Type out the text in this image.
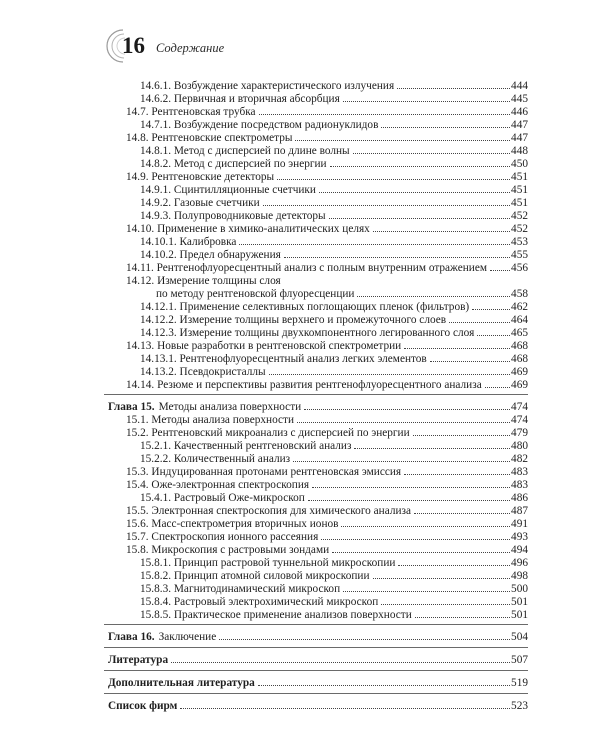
16 Содержание
14.6.1. Возбуждение характеристического излучения	444
14.6.2. Первичная и вторичная абсорбция	445
14.7. Рентгеновская трубка	446
14.7.1. Возбуждение посредством радионуклидов	447
14.8. Рентгеновские спектрометры	447
14.8.1. Метод с дисперсией по длине волны	448
14.8.2. Метод с дисперсией по энергии	450
14.9. Рентгеновские детекторы	451
14.9.1. Сцинтилляционные счетчики	451
14.9.2. Газовые счетчики	451
14.9.3. Полупроводниковые детекторы	452
14.10. Применение в химико-аналитических целях	452
14.10.1. Калибровка	453
14.10.2. Предел обнаружения	455
14.11. Рентгенофлуоресцентный анализ с полным внутренним отражением 456
14.12. Измерение толщины слоя
по методу рентгеновской флуоресценции	458
14.12.1. Применение селективных поглощающих пленок (фильтров)	462
14.12.2. Измерение толщины верхнего и промежуточного слоев	464
14.12.3. Измерение толщины двухкомпонентного легированного слоя	465
14.13. Новые разработки в рентгеновской спектрометрии	468
14.13.1. Рентгенофлуоресцентный анализ легких элементов	468
14.13.2. Псевдокристаллы	469
14.14. Резюме и перспективы развития рентгенофлуоресцентного анализа	469
Глава 15. Методы анализа поверхности	474
15.1. Методы анализа поверхности	474
15.2. Рентгеновский микроанализ с дисперсией по энергии	479
15.2.1. Качественный рентгеновский анализ	480
15.2.2. Количественный анализ	482
15.3. Индуцированная протонами рентгеновская эмиссия	483
15.4. Оже-электронная спектроскопия	483
15.4.1. Растровый Оже-микроскоп	486
15.5. Электронная спектроскопия для химического анализа	487
15.6. Масс-спектрометрия вторичных ионов	491
15.7. Спектроскопия ионного рассеяния	493
15.8. Микроскопия с растровыми зондами	494
15.8.1. Принцип растровой туннельной микроскопии	496
15.8.2. Принцип атомной силовой микроскопии	498
15.8.3. Магнитодинамический микроскоп	500
15.8.4. Растровый электрохимический микроскоп	501
15.8.5. Практическое применение анализов поверхности	501
Глава 16. Заключение	504
Литература	507
Дополнительная литература	519
Список фирм	523
